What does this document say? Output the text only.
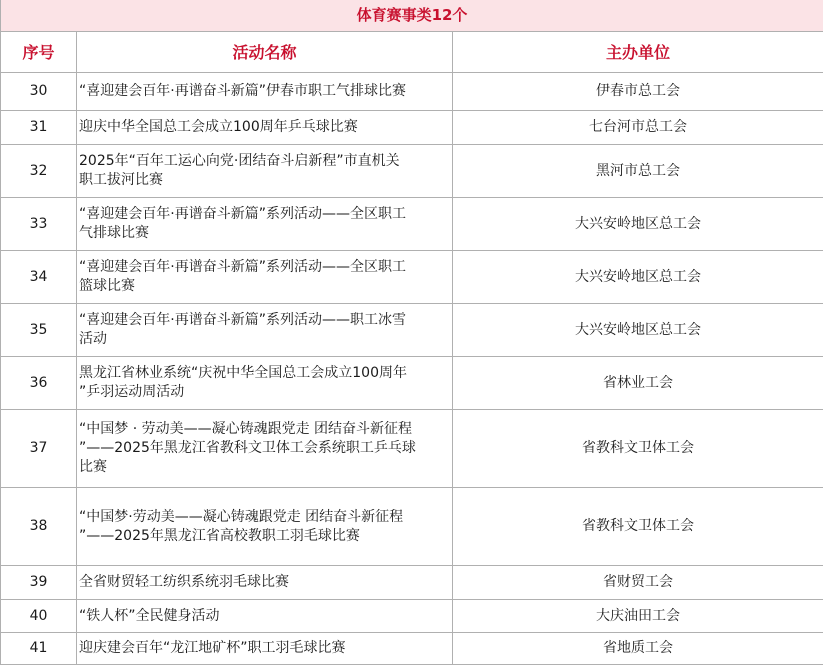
体育赛事类12个		
序号	活动名称	主办单位
30	“喜迎建会百年·再谱奋斗新篇”伊春市职工气排球比赛	伊春市总工会
31	迎庆中华全国总工会成立100周年乒乓球比赛	七台河市总工会
32	2025年“百年工运心向党·团结奋斗启新程”市直机关
职工拔河比赛	黑河市总工会
33	“喜迎建会百年·再谱奋斗新篇”系列活动——全区职工
气排球比赛	大兴安岭地区总工会
34	“喜迎建会百年·再谱奋斗新篇”系列活动——全区职工
篮球比赛	大兴安岭地区总工会
35	“喜迎建会百年·再谱奋斗新篇”系列活动——职工冰雪
活动	大兴安岭地区总工会
36	黑龙江省林业系统“庆祝中华全国总工会成立100周年
”乒羽运动周活动	省林业工会
37	“中国梦 · 劳动美——凝心铸魂跟党走 团结奋斗新征程
”——2025年黑龙江省教科文卫体工会系统职工乒乓球
比赛	省教科文卫体工会
38	“中国梦·劳动美——凝心铸魂跟党走 团结奋斗新征程
”——2025年黑龙江省高校教职工羽毛球比赛	省教科文卫体工会
39	全省财贸轻工纺织系统羽毛球比赛	省财贸工会
40	“铁人杯”全民健身活动	大庆油田工会
41	迎庆建会百年“龙江地矿杯”职工羽毛球比赛	省地质工会
